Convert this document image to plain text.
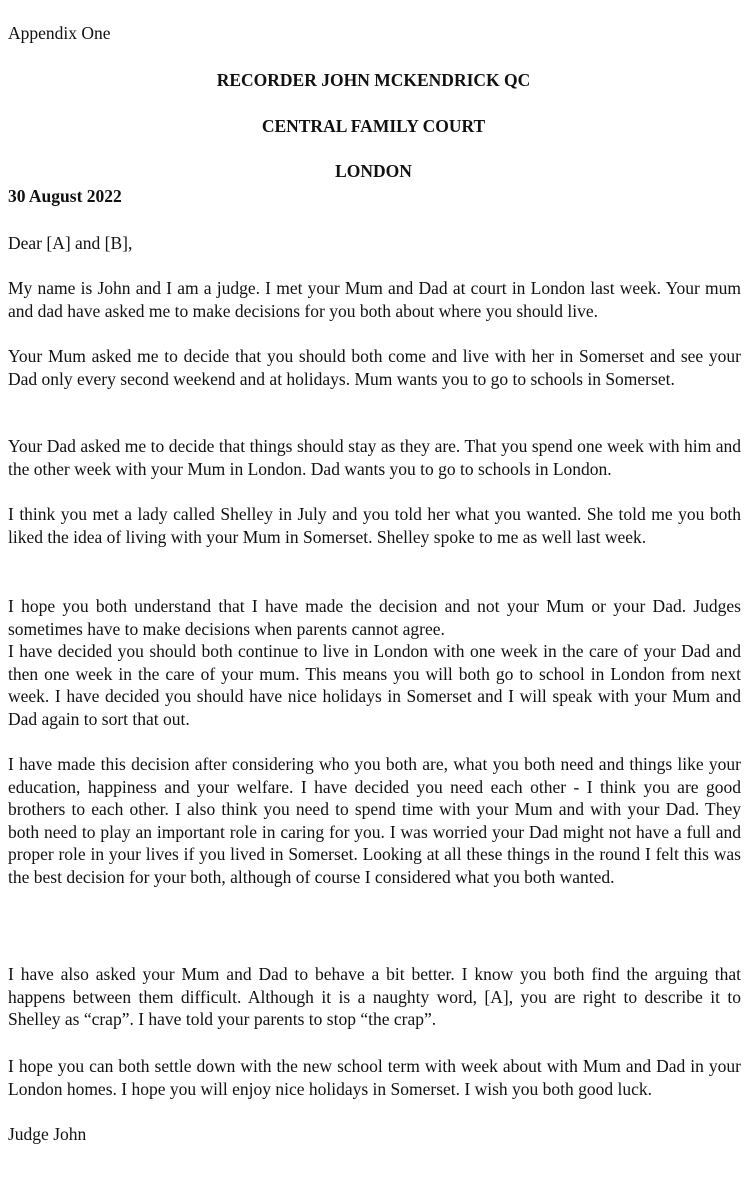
Appendix One
RECORDER JOHN MCKENDRICK QC
CENTRAL FAMILY COURT
LONDON
30 August 2022

Dear [A] and [B],

My name is John and I am a judge. I met your Mum and Dad at court in London last week. Your mum and dad have asked me to make decisions for you both about where you should live.

Your Mum asked me to decide that you should both come and live with her in Somerset and see your Dad only every second weekend and at holidays. Mum wants you to go to schools in Somerset.

Your Dad asked me to decide that things should stay as they are. That you spend one week with him and the other week with your Mum in London. Dad wants you to go to schools in London.

I think you met a lady called Shelley in July and you told her what you wanted. She told me you both liked the idea of living with your Mum in Somerset. Shelley spoke to me as well last week.

I hope you both understand that I have made the decision and not your Mum or your Dad. Judges sometimes have to make decisions when parents cannot agree.

I have decided you should both continue to live in London with one week in the care of your Dad and then one week in the care of your mum. This means you will both go to school in London from next week. I have decided you should have nice holidays in Somerset and I will speak with your Mum and Dad again to sort that out.

I have made this decision after considering who you both are, what you both need and things like your education, happiness and your welfare. I have decided you need each other - I think you are good brothers to each other. I also think you need to spend time with your Mum and with your Dad. They both need to play an important role in caring for you. I was worried your Dad might not have a full and proper role in your lives if you lived in Somerset. Looking at all these things in the round I felt this was the best decision for your both, although of course I considered what you both wanted.

I have also asked your Mum and Dad to behave a bit better. I know you both find the arguing that happens between them difficult. Although it is a naughty word, [A], you are right to describe it to Shelley as “crap”. I have told your parents to stop “the crap”.

I hope you can both settle down with the new school term with week about with Mum and Dad in your London homes. I hope you will enjoy nice holidays in Somerset. I wish you both good luck.

Judge John
